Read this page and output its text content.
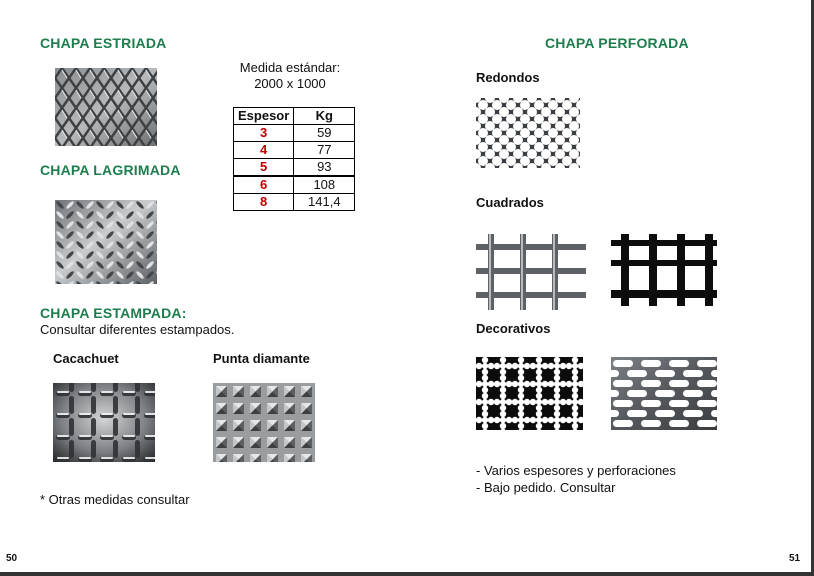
CHAPA ESTRIADA
CHAPA LAGRIMADA
Medida estándar:
2000 x 1000
Espesor	Kg
3	59
4	77
5	93
6	108
8	141,4
CHAPA ESTAMPADA:

Consultar diferentes estampados.

Cacachuet	Punta diamante

* Otras medidas consultar

50
CHAPA PERFORADA

Redondos

Cuadrados

Decorativos

- Varios espesores y perforaciones

- Bajo pedido. Consultar

51
